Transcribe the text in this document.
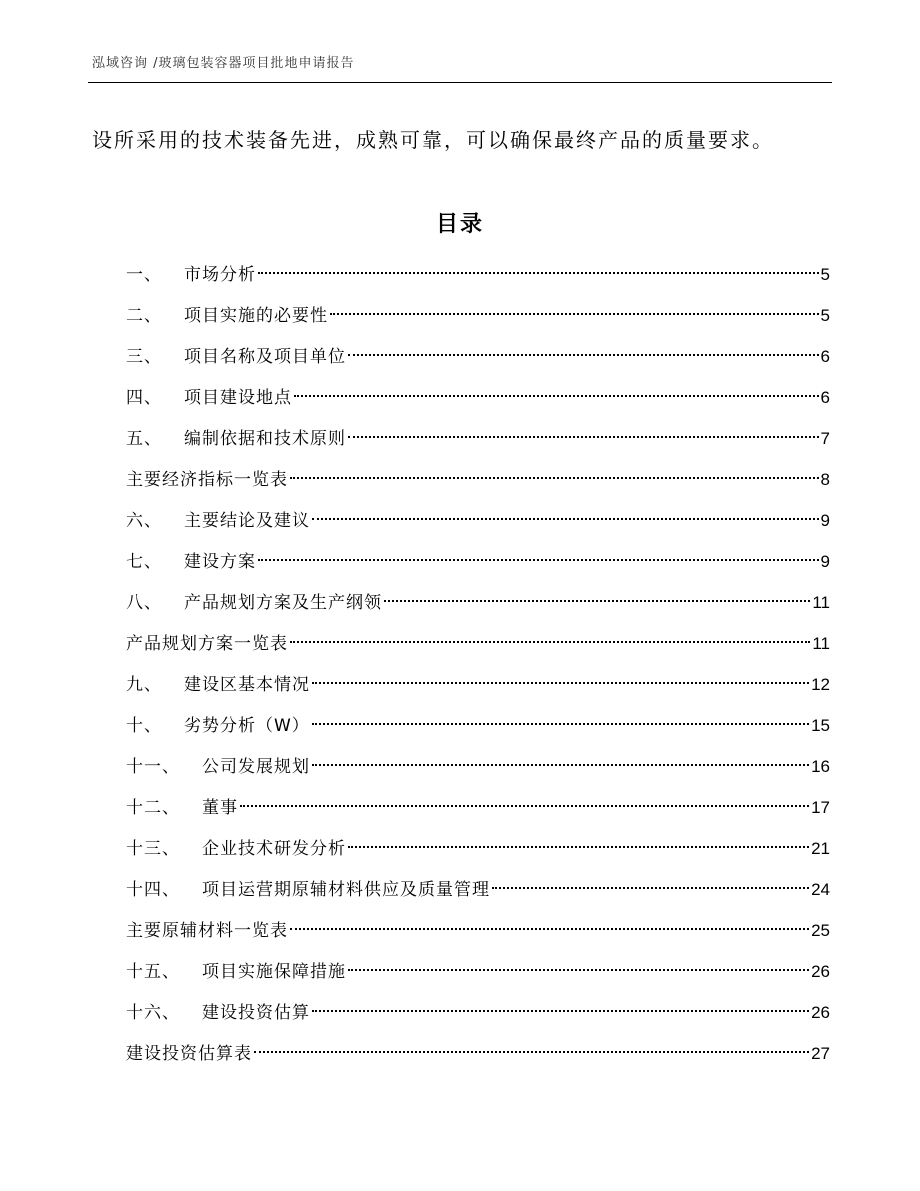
泓域咨询 /玻璃包装容器项目批地申请报告
设所采用的技术装备先进，成熟可靠，可以确保最终产品的质量要求。
目录
一、 市场分析	5
二、 项目实施的必要性	5
三、 项目名称及项目单位	6
四、 项目建设地点	6
五、 编制依据和技术原则	7
主要经济指标一览表	8
六、 主要结论及建议	9
七、 建设方案	9
八、 产品规划方案及生产纲领	11
产品规划方案一览表	11
九、 建设区基本情况	12
十、 劣势分析（W）	15
十一、 公司发展规划	16
十二、 董事	17
十三、 企业技术研发分析	21
十四、 项目运营期原辅材料供应及质量管理	24
主要原辅材料一览表	25
十五、 项目实施保障措施	26
十六、 建设投资估算	26
建设投资估算表	27
